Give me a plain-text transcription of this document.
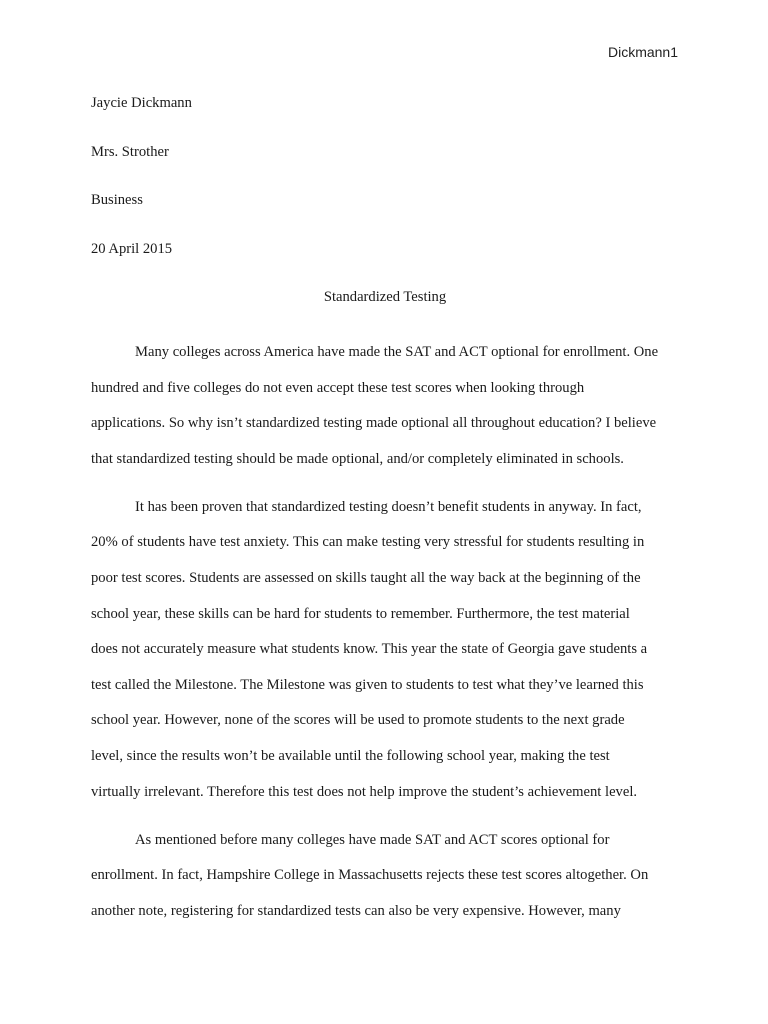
Dickmann1
Jaycie Dickmann
Mrs. Strother
Business
20 April 2015
Standardized Testing

Many colleges across America have made the SAT and ACT optional for enrollment. One
hundred and five colleges do not even accept these test scores when looking through
applications. So why isn’t standardized testing made optional all throughout education? I believe
that standardized testing should be made optional, and/or completely eliminated in schools.

It has been proven that standardized testing doesn’t benefit students in anyway. In fact,
20% of students have test anxiety. This can make testing very stressful for students resulting in
poor test scores. Students are assessed on skills taught all the way back at the beginning of the
school year, these skills can be hard for students to remember. Furthermore, the test material
does not accurately measure what students know. This year the state of Georgia gave students a
test called the Milestone. The Milestone was given to students to test what they’ve learned this
school year. However, none of the scores will be used to promote students to the next grade
level, since the results won’t be available until the following school year, making the test
virtually irrelevant. Therefore this test does not help improve the student’s achievement level.

As mentioned before many colleges have made SAT and ACT scores optional for
enrollment. In fact, Hampshire College in Massachusetts rejects these test scores altogether. On
another note, registering for standardized tests can also be very expensive. However, many
